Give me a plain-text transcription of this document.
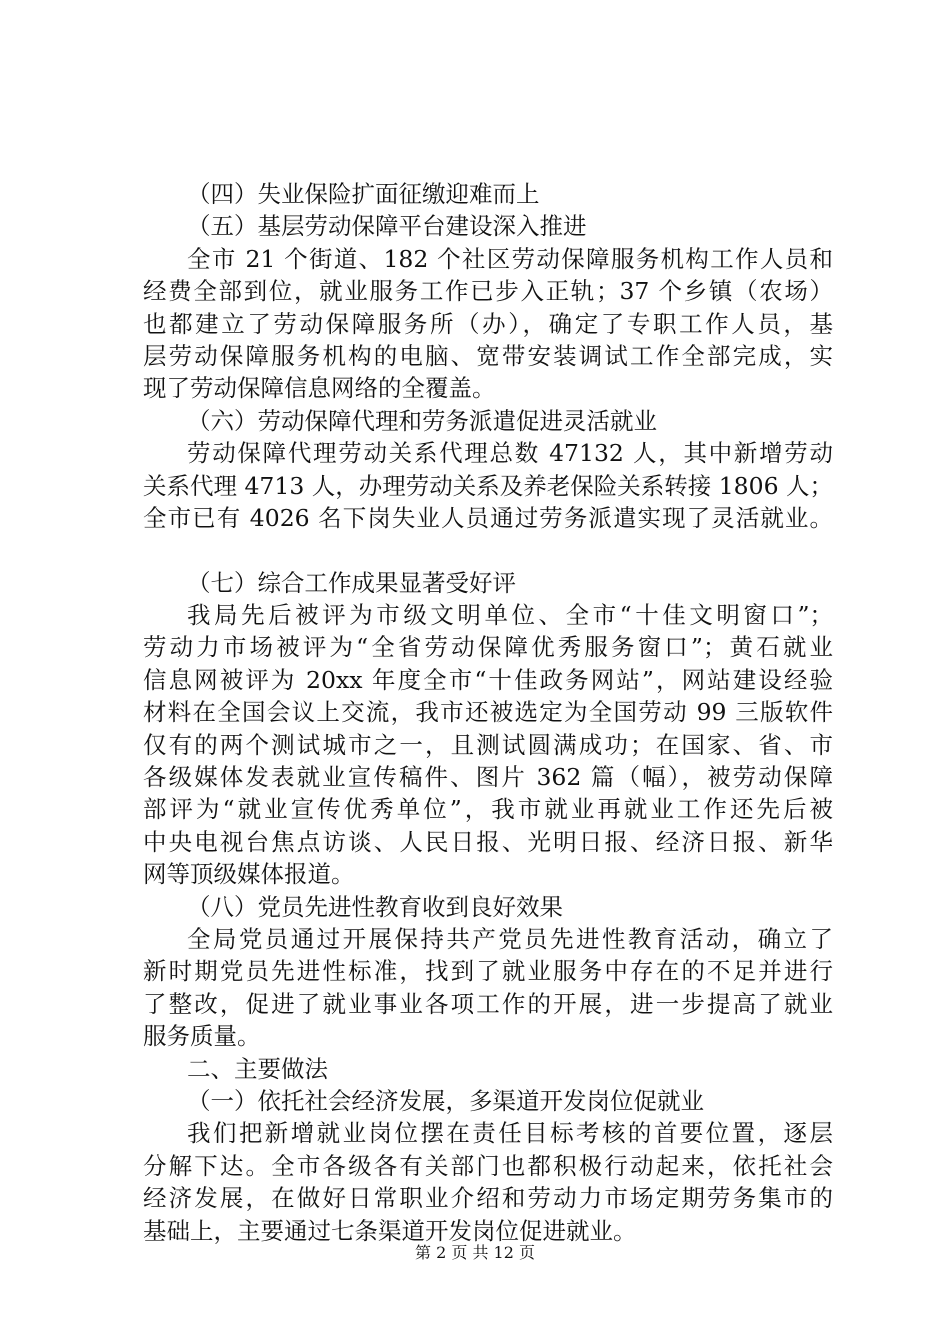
（四）失业保险扩面征缴迎难而上
（五）基层劳动保障平台建设深入推进
全市 21 个街道、182 个社区劳动保障服务机构工作人员和
经费全部到位，就业服务工作已步入正轨；37 个乡镇（农场）
也都建立了劳动保障服务所（办），确定了专职工作人员，基
层劳动保障服务机构的电脑、宽带安装调试工作全部完成，实
现了劳动保障信息网络的全覆盖。
（六）劳动保障代理和劳务派遣促进灵活就业
劳动保障代理劳动关系代理总数 47132 人，其中新增劳动
关系代理 4713 人，办理劳动关系及养老保险关系转接 1806 人；
全市已有 4026 名下岗失业人员通过劳务派遣实现了灵活就业。
（七）综合工作成果显著受好评
我局先后被评为市级文明单位、全市“十佳文明窗口”；
劳动力市场被评为“全省劳动保障优秀服务窗口”；黄石就业
信息网被评为 20xx 年度全市“十佳政务网站”，网站建设经验
材料在全国会议上交流，我市还被选定为全国劳动 99 三版软件
仅有的两个测试城市之一，且测试圆满成功；在国家、省、市
各级媒体发表就业宣传稿件、图片 362 篇（幅），被劳动保障
部评为“就业宣传优秀单位”，我市就业再就业工作还先后被
中央电视台焦点访谈、人民日报、光明日报、经济日报、新华
网等顶级媒体报道。
（八）党员先进性教育收到良好效果
全局党员通过开展保持共产党员先进性教育活动，确立了
新时期党员先进性标准，找到了就业服务中存在的不足并进行
了整改，促进了就业事业各项工作的开展，进一步提高了就业
服务质量。
二、主要做法
（一）依托社会经济发展，多渠道开发岗位促就业
我们把新增就业岗位摆在责任目标考核的首要位置，逐层
分解下达。全市各级各有关部门也都积极行动起来，依托社会
经济发展，在做好日常职业介绍和劳动力市场定期劳务集市的
基础上，主要通过七条渠道开发岗位促进就业。
第 2 页 共 12 页
